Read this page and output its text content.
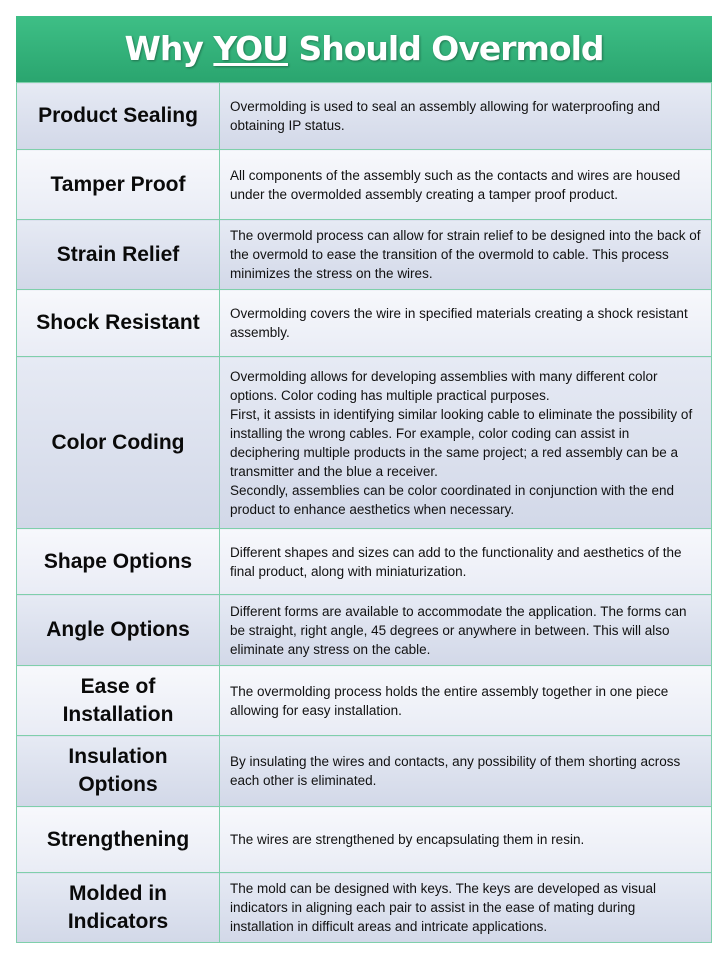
Why YOU Should Overmold
Product Sealing	Overmolding is used to seal an assembly allowing for waterproofing and obtaining IP status.

Tamper Proof	All components of the assembly such as the contacts and wires are housed under the overmolded assembly creating a tamper proof product.

Strain Relief	The overmold process can allow for strain relief to be designed into the back of the overmold to ease the transition of the overmold to cable. This process minimizes the stress on the wires.

Shock Resistant	Overmolding covers the wire in specified materials creating a shock resistant assembly.

Color Coding	Overmolding allows for developing assemblies with many different color options. Color coding has multiple practical purposes.
First, it assists in identifying similar looking cable to eliminate the possibility of installing the wrong cables. For example, color coding can assist in deciphering multiple products in the same project; a red assembly can be a transmitter and the blue a receiver.
Secondly, assemblies can be color coordinated in conjunction with the end product to enhance aesthetics when necessary.

Shape Options	Different shapes and sizes can add to the functionality and aesthetics of the final product, along with miniaturization.

Angle Options	Different forms are available to accommodate the application. The forms can be straight, right angle, 45 degrees or anywhere in between. This will also eliminate any stress on the cable.

Ease of
Installation	The overmolding process holds the entire assembly together in one piece allowing for easy installation.

Insulation
Options	By insulating the wires and contacts, any possibility of them shorting across each other is eliminated.

Strengthening	The wires are strengthened by encapsulating them in resin.

Molded in
Indicators	The mold can be designed with keys. The keys are developed as visual indicators in aligning each pair to assist in the ease of mating during installation in difficult areas and intricate applications.
